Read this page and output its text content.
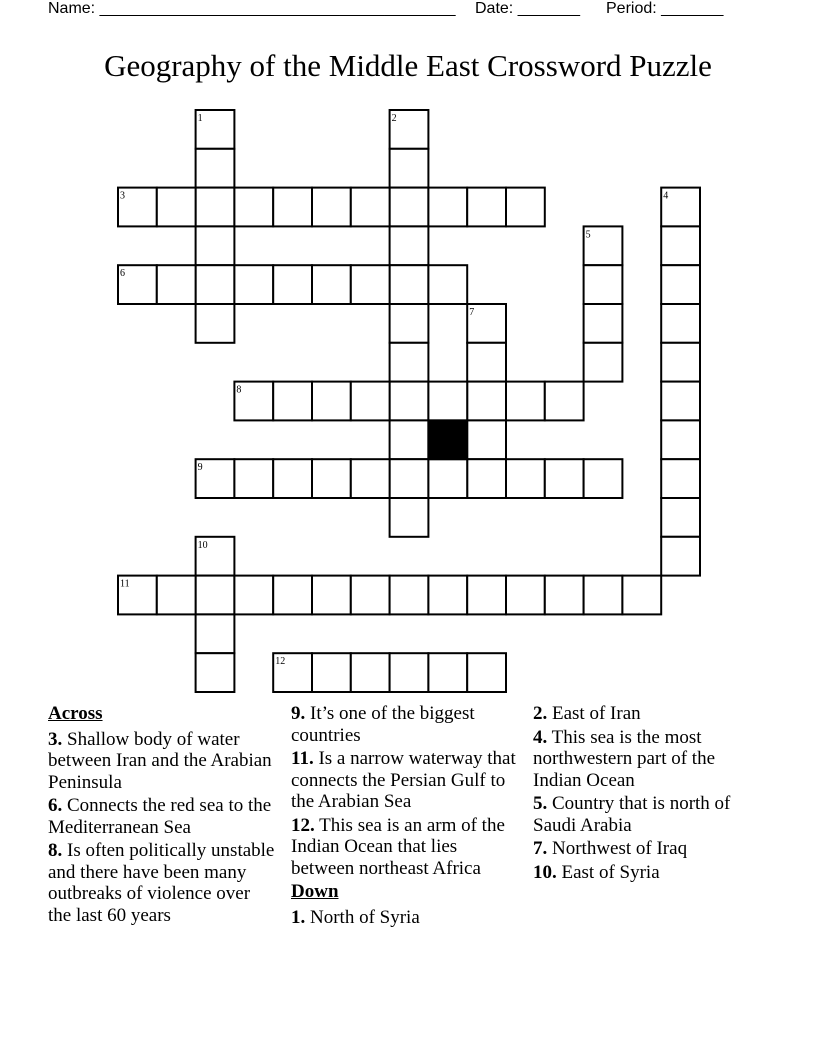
Name: ________________________________________ Date: _______ Period: _______
Geography of the Middle East Crossword Puzzle
1	2
3	4
5
6
7
8
9
10
11
12
Across
3. Shallow body of water between Iran and the Arabian Peninsula
6. Connects the red sea to the Mediterranean Sea
8. Is often politically unstable and there have been many outbreaks of violence over the last 60 years
9. It’s one of the biggest countries
11. Is a narrow waterway that connects the Persian Gulf to the Arabian Sea
12. This sea is an arm of the Indian Ocean that lies between northeast Africa
Down
1. North of Syria
2. East of Iran
4. This sea is the most northwestern part of the Indian Ocean
5. Country that is north of Saudi Arabia
7. Northwest of Iraq
10. East of Syria
